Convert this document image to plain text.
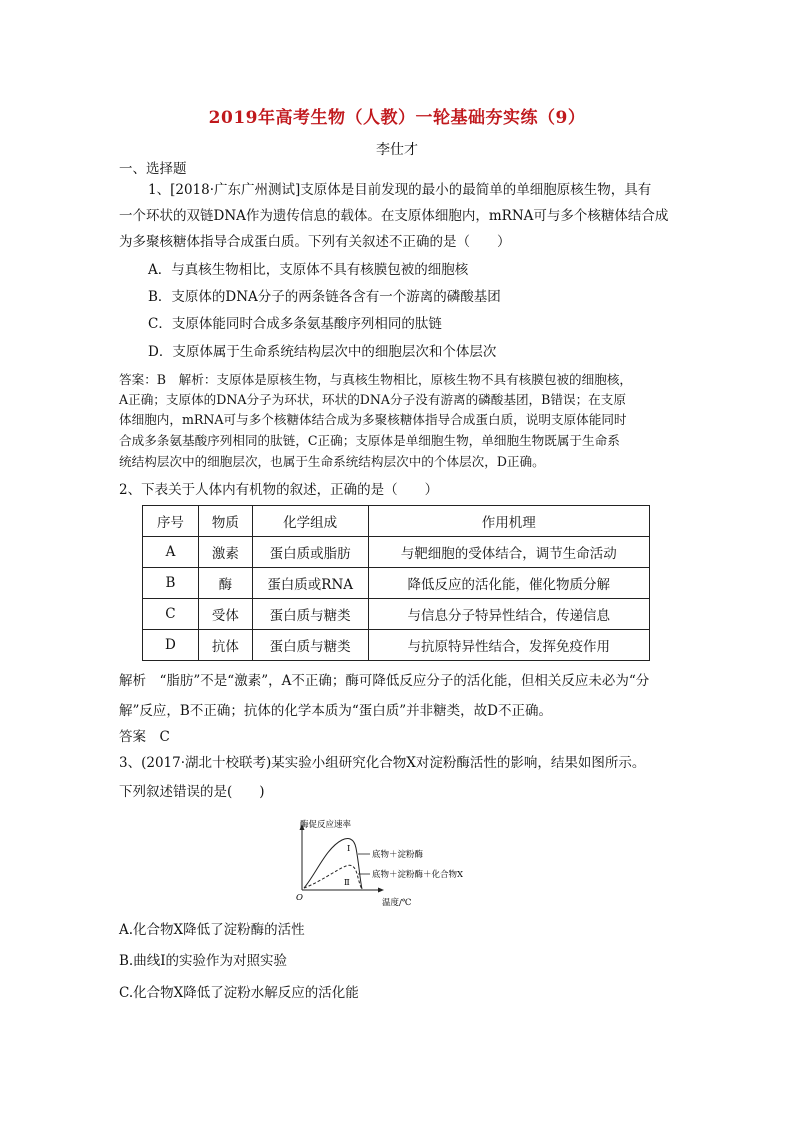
2019年高考生物（人教）一轮基础夯实练（9）
李仕才
一、选择题
1、[2018·广东广州测试]支原体是目前发现的最小的最简单的单细胞原核生物，具有
一个环状的双链DNA作为遗传信息的载体。在支原体细胞内，mRNA可与多个核糖体结合成
为多聚核糖体指导合成蛋白质。下列有关叙述不正确的是（　　）
A．与真核生物相比，支原体不具有核膜包被的细胞核
B．支原体的DNA分子的两条链各含有一个游离的磷酸基团
C．支原体能同时合成多条氨基酸序列相同的肽链
D．支原体属于生命系统结构层次中的细胞层次和个体层次
答案：B　解析：支原体是原核生物，与真核生物相比，原核生物不具有核膜包被的细胞核，
A正确；支原体的DNA分子为环状，环状的DNA分子没有游离的磷酸基团，B错误；在支原
体细胞内，mRNA可与多个核糖体结合成为多聚核糖体指导合成蛋白质，说明支原体能同时
合成多条氨基酸序列相同的肽链，C正确；支原体是单细胞生物，单细胞生物既属于生命系
统结构层次中的细胞层次，也属于生命系统结构层次中的个体层次，D正确。
2、下表关于人体内有机物的叙述，正确的是（　　）
序号	物质	化学组成	作用机理
A	激素	蛋白质或脂肪	与靶细胞的受体结合，调节生命活动
B	酶	蛋白质或RNA	降低反应的活化能，催化物质分解
C	受体	蛋白质与糖类	与信息分子特异性结合，传递信息
D	抗体	蛋白质与糖类	与抗原特异性结合，发挥免疫作用
解析　“脂肪”不是“激素”，A不正确；酶可降低反应分子的活化能，但相关反应未必为“分
解”反应，B不正确；抗体的化学本质为“蛋白质”并非糖类，故D不正确。
答案　C
3、(2017·湖北十校联考)某实验小组研究化合物X对淀粉酶活性的影响，结果如图所示。
下列叙述错误的是(　　)
酶促反应速率
温度/℃
O
Ⅰ
Ⅱ
底物＋淀粉酶
底物＋淀粉酶＋化合物X
A.化合物X降低了淀粉酶的活性
B.曲线Ⅰ的实验作为对照实验
C.化合物X降低了淀粉水解反应的活化能
